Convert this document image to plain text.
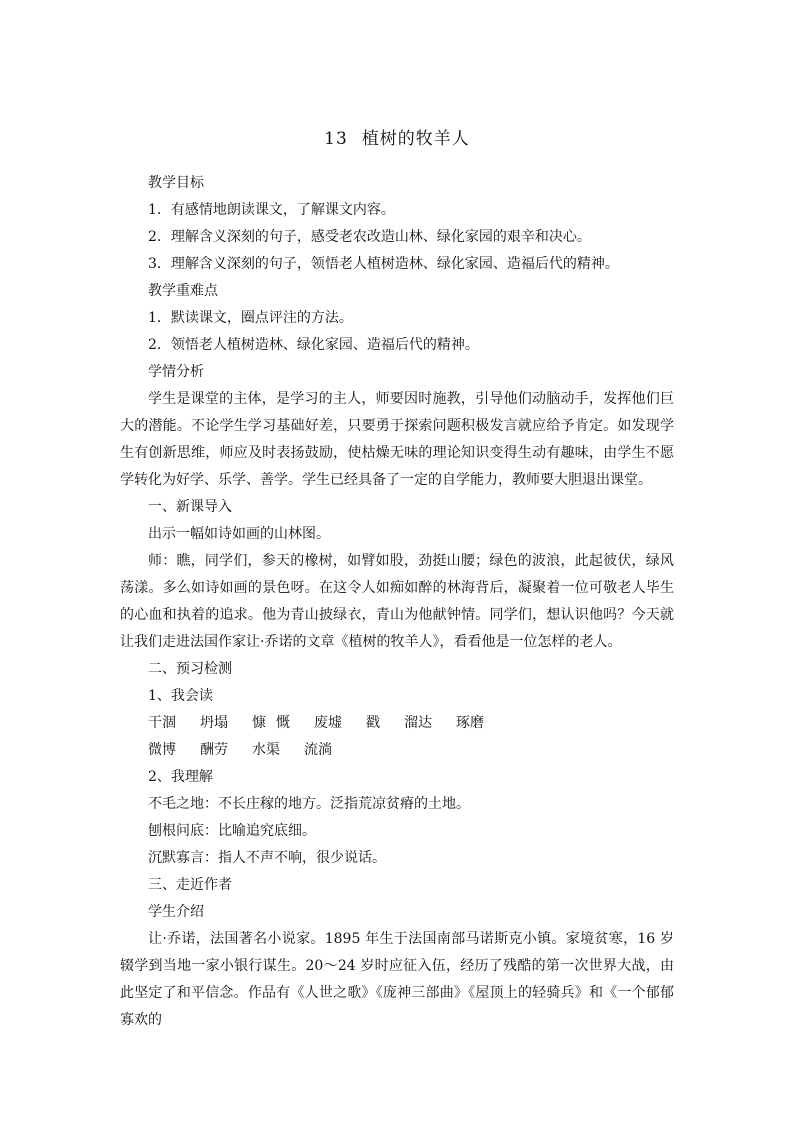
13 植树的牧羊人

教学目标

1．有感情地朗读课文，了解课文内容。

2．理解含义深刻的句子，感受老农改造山林、绿化家园的艰辛和决心。

3．理解含义深刻的句子，领悟老人植树造林、绿化家园、造福后代的精神。

教学重难点

1．默读课文，圈点评注的方法。

2．领悟老人植树造林、绿化家园、造福后代的精神。

学情分析

学生是课堂的主体，是学习的主人，师要因时施教，引导他们动脑动手，发挥他们巨大的潜能。不论学生学习基础好差，只要勇于探索问题积极发言就应给予肯定。如发现学生有创新思维，师应及时表扬鼓励，使枯燥无味的理论知识变得生动有趣味，由学生不愿学转化为好学、乐学、善学。学生已经具备了一定的自学能力，教师要大胆退出课堂。

一、新课导入

出示一幅如诗如画的山林图。

师：瞧，同学们，参天的橡树，如臂如股，劲挺山腰；绿色的波浪，此起彼伏，绿风荡漾。多么如诗如画的景色呀。在这令人如痴如醉的林海背后，凝聚着一位可敬老人毕生的心血和执着的追求。他为青山披绿衣，青山为他献钟情。同学们，想认识他吗？今天就让我们走进法国作家让·乔诺的文章《植树的牧羊人》，看看他是一位怎样的老人。

二、预习检测

1、我会读

干涸 坍塌 慷 慨 废墟 戳 溜达 琢磨

微博 酬劳 水渠 流淌

2、我理解

不毛之地：不长庄稼的地方。泛指荒凉贫瘠的土地。

刨根问底：比喻追究底细。

沉默寡言：指人不声不响，很少说话。

三、走近作者

学生介绍

让·乔诺，法国著名小说家。1895 年生于法国南部马诺斯克小镇。家境贫寒，16 岁辍学到当地一家小银行谋生。20～24 岁时应征入伍，经历了残酷的第一次世界大战，由此坚定了和平信念。作品有《人世之歌》《庞神三部曲》《屋顶上的轻骑兵》和《一个郁郁寡欢的
